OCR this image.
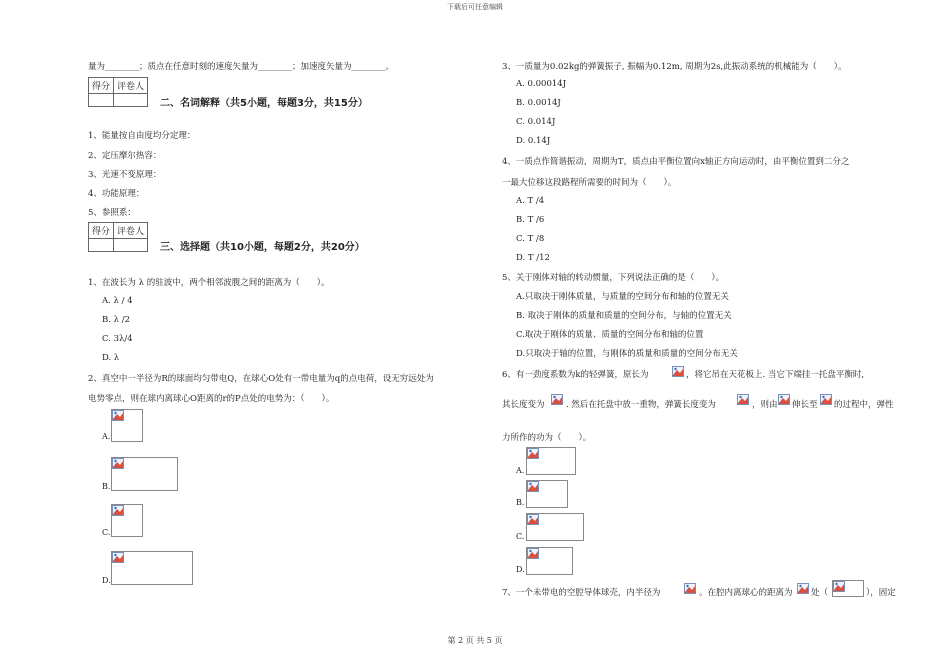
下载后可任意编辑
第 2 页 共 5 页
量为________；质点在任意时刻的速度矢量为________；加速度矢量为________。
得分	评卷人

二、名词解释（共5小题，每题3分，共15分）
1、能量按自由度均分定理：
2、定压摩尔热容：
3、光速不变原理：
4、功能原理：
5、参照系：
得分	评卷人

三、选择题（共10小题，每题2分，共20分）
1、在波长为 λ 的驻波中，两个相邻波腹之间的距离为（　　）。
A. λ / 4
B. λ /2
C. 3λ/4
D. λ
2、真空中一半径为R的球面均匀带电Q，在球心O处有一带电量为q的点电荷，设无穷远处为
电势零点，则在球内离球心O距离的r的P点处的电势为：（　　）。
A.
B.
C.
D.
3、一质量为0.02kg的弹簧振子, 振幅为0.12m, 周期为2s,此振动系统的机械能为（　　）。
A. 0.00014J
B. 0.0014J
C. 0.014J
D. 0.14J
4、一质点作简谐振动，周期为T，质点由平衡位置向x轴正方向运动时，由平衡位置到二分之
一最大位移这段路程所需要的时间为（　　）。
A. T /4
B. T /6
C. T /8
D. T /12
5、关于刚体对轴的转动惯量，下列说法正确的是（　　）。
A.只取决于刚体质量，与质量的空间分布和轴的位置无关
B. 取决于刚体的质量和质量的空间分布，与轴的位置无关
C.取决于刚体的质量、质量的空间分布和轴的位置
D.只取决于轴的位置，与刚体的质量和质量的空间分布无关
6、有一劲度系数为k的轻弹簧，原长为	，将它吊在天花板上. 当它下端挂一托盘平衡时,
其长度变为	. 然后在托盘中放一重物，弹簧长度变为	，则由 伸长至 的过程中，弹性
力所作的功为（　　）。
A.
B.
C.
D.
7、一个未带电的空腔导体球壳，内半径为	。在腔内离球心的距离为 处（	），固定
